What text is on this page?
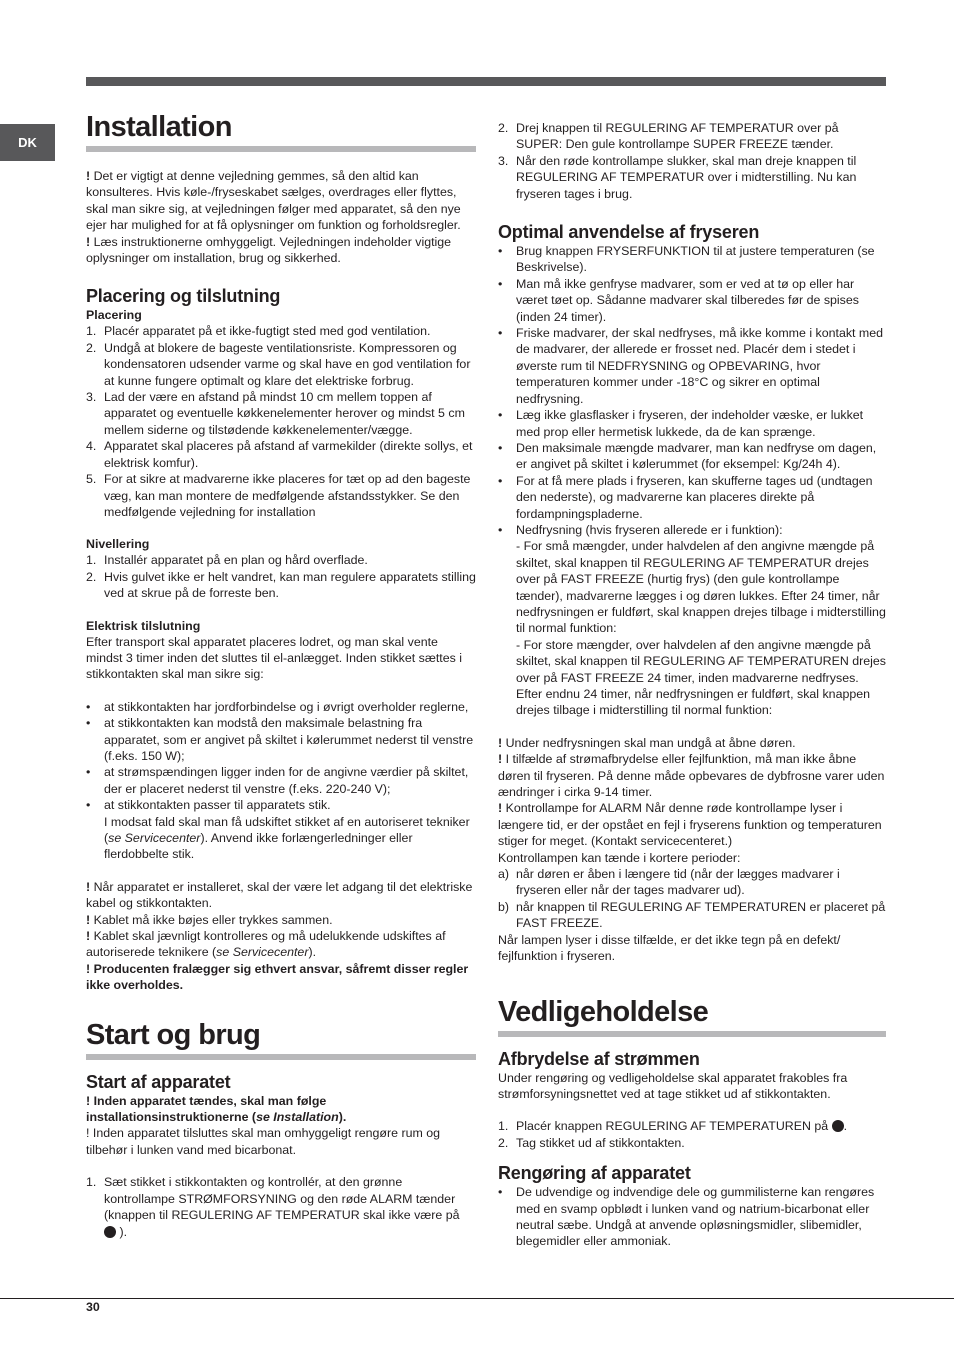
DK	Installation

! Det er vigtigt at denne vejledning gemmes, så den altid kan konsulteres. Hvis køle-/fryseskabet sælges, overdrages eller flyttes, skal man sikre sig, at vejledningen følger med apparatet, så den nye ejer har mulighed for at få oplysninger om funktion og forholdsregler.

! Læs instruktionerne omhyggeligt. Vejledningen indeholder vigtige oplysninger om installation, brug og sikkerhed.

Placering og tilslutning
Placering
1. Placér apparatet på et ikke-fugtigt sted med god ventilation.
2. Undgå at blokere de bageste ventilationsriste. Kompressoren og kondensatoren udsender varme og skal have en god ventilation for at kunne fungere optimalt og klare det elektriske forbrug.
3. Lad der være en afstand på mindst 10 cm mellem toppen af apparatet og eventuelle køkkenelementer herover og mindst 5 cm mellem siderne og tilstødende køkkenelementer/vægge.
4. Apparatet skal placeres på afstand af varmekilder (direkte sollys, et elektrisk komfur).
5. For at sikre at madvarerne ikke placeres for tæt op ad den bageste væg, kan man montere de medfølgende afstandsstykker. Se den medfølgende vejledning for installation
Nivellering
1. Installér apparatet på en plan og hård overflade.
2. Hvis gulvet ikke er helt vandret, kan man regulere apparatets stilling ved at skrue på de forreste ben.
Elektrisk tilslutning

Efter transport skal apparatet placeres lodret, og man skal vente mindst 3 timer inden det sluttes til el-anlægget. Inden stikket sættes i stikkontakten skal man sikre sig:

• at stikkontakten har jordforbindelse og i øvrigt overholder reglerne,
• at stikkontakten kan modstå den maksimale belastning fra apparatet, som er angivet på skiltet i kølerummet nederst til venstre (f.eks. 150 W);
• at strømspændingen ligger inden for de angivne værdier på skiltet, der er placeret nederst til venstre (f.eks. 220-240 V);
• at stikkontakten passer til apparatets stik.
I modsat fald skal man få udskiftet stikket af en autoriseret tekniker (se Servicecenter). Anvend ikke forlængerledninger eller flerdobbelte stik.

! Når apparatet er installeret, skal der være let adgang til det elektriske kabel og stikkontakten.

! Kablet må ikke bøjes eller trykkes sammen.

! Kablet skal jævnligt kontrolleres og må udelukkende udskiftes af autoriserede teknikere (se Servicecenter).

! Producenten fralægger sig ethvert ansvar, såfremt disser regler ikke overholdes.

Start og brug
Start af apparatet

! Inden apparatet tændes, skal man følge installationsinstruktionerne (se Installation).

! Inden apparatet tilsluttes skal man omhyggeligt rengøre rum og tilbehør i lunken vand med bicarbonat.

1. Sæt stikket i stikkontakten og kontrollér, at den grønne kontrollampe STRØMFORSYNING og den røde ALARM tænder (knappen til REGULERING AF TEMPERATUR skal ikke være på
).
2. Drej knappen til REGULERING AF TEMPERATUR over på SUPER: Den gule kontrollampe SUPER FREEZE tænder.
3. Når den røde kontrollampe slukker, skal man dreje knappen til REGULERING AF TEMPERATUR over i midterstilling. Nu kan fryseren tages i brug.
Optimal anvendelse af fryseren
• Brug knappen FRYSERFUNKTION til at justere temperaturen (se Beskrivelse).
• Man må ikke genfryse madvarer, som er ved at tø op eller har været tøet op. Sådanne madvarer skal tilberedes før de spises (inden 24 timer).
• Friske madvarer, der skal nedfryses, må ikke komme i kontakt med de madvarer, der allerede er frosset ned. Placér dem i stedet i øverste rum til NEDFRYSNING og OPBEVARING, hvor temperaturen kommer under -18°C og sikrer en optimal nedfrysning.
• Læg ikke glasflasker i fryseren, der indeholder væske, er lukket med prop eller hermetisk lukkede, da de kan sprænge.
• Den maksimale mængde madvarer, man kan nedfryse om dagen, er angivet på skiltet i kølerummet (for eksempel: Kg/24h 4).
• For at få mere plads i fryseren, kan skufferne tages ud (undtagen den nederste), og madvarerne kan placeres direkte på fordampningspladerne.
• Nedfrysning (hvis fryseren allerede er i funktion):
- For små mængder, under halvdelen af den angivne mængde på skiltet, skal knappen til REGULERING AF TEMPERATUR drejes over på FAST FREEZE (hurtig frys) (den gule kontrollampe tænder), madvarerne lægges i og døren lukkes. Efter 24 timer, når nedfrysningen er fuldført, skal knappen drejes tilbage i midterstilling til normal funktion:
- For store mængder, over halvdelen af den angivne mængde på skiltet, skal knappen til REGULERING AF TEMPERATUREN drejes over på FAST FREEZE 24 timer, inden madvarerne nedfryses. Efter endnu 24 timer, når nedfrysningen er fuldført, skal knappen drejes tilbage i midterstilling til normal funktion:

! Under nedfrysningen skal man undgå at åbne døren.

! I tilfælde af strømafbrydelse eller fejlfunktion, må man ikke åbne døren til fryseren. På denne måde opbevares de dybfrosne varer uden ændringer i cirka 9-14 timer.

! Kontrollampe for ALARM Når denne røde kontrollampe lyser i længere tid, er der opstået en fejl i fryserens funktion og temperaturen stiger for meget. (Kontakt servicecenteret.)

Kontrollampen kan tænde i kortere perioder:

a) når døren er åben i længere tid (når der lægges madvarer i fryseren eller når der tages madvarer ud).
b) når knappen til REGULERING AF TEMPERATUREN er placeret på FAST FREEZE.

Når lampen lyser i disse tilfælde, er det ikke tegn på en defekt/ fejlfunktion i fryseren.

Vedligeholdelse
Afbrydelse af strømmen

Under rengøring og vedligeholdelse skal apparatet frakobles fra strømforsyningsnettet ved at tage stikket ud af stikkontakten.

1. Placér knappen REGULERING AF TEMPERATUREN på .
2. Tag stikket ud af stikkontakten.
Rengøring af apparatet
• De udvendige og indvendige dele og gummilisterne kan rengøres med en svamp opblødt i lunken vand og natrium-bicarbonat eller neutral sæbe. Undgå at anvende opløsningsmidler, slibemidler, blegemidler eller ammoniak.
30
